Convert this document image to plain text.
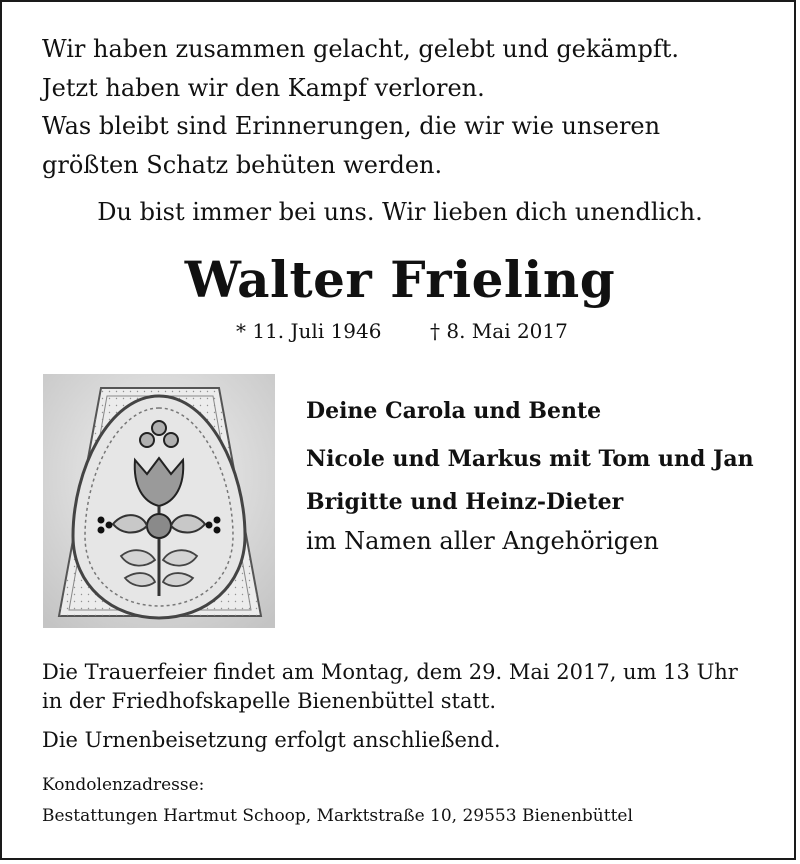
Wir haben zusammen gelacht, gelebt und gekämpft.
Jetzt haben wir den Kampf verloren.
Was bleibt sind Erinnerungen, die wir wie unseren
größten Schatz behüten werden.
Du bist immer bei uns. Wir lieben dich unendlich.
Walter Frieling
* 11. Juli 1946 † 8. Mai 2017
Deine Carola und Bente
Nicole und Markus mit Tom und Jan
Brigitte und Heinz-Dieter
im Namen aller Angehörigen
Die Trauerfeier findet am Montag, dem 29. Mai 2017, um 13 Uhr
in der Friedhofskapelle Bienenbüttel statt.
Die Urnenbeisetzung erfolgt anschließend.
Kondolenzadresse:
Bestattungen Hartmut Schoop, Marktstraße 10, 29553 Bienenbüttel
